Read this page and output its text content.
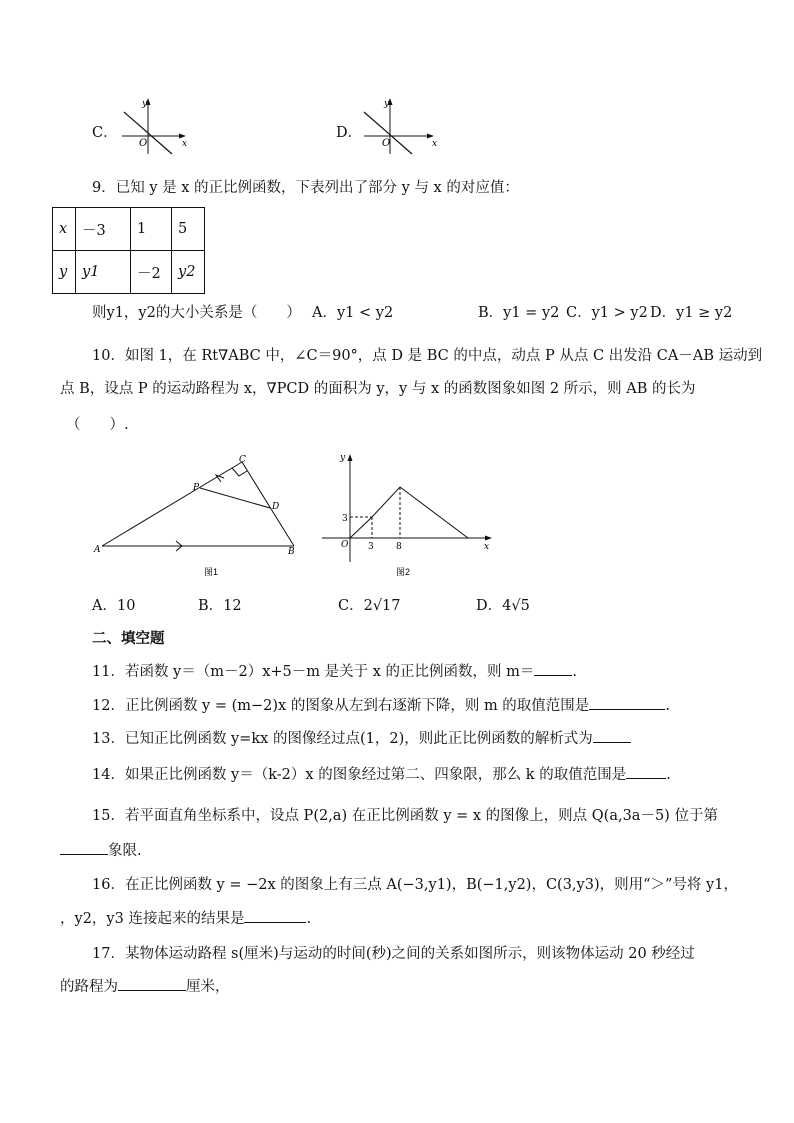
C．
y
O	x
D．
y
O	x
9．已知 y 是 x 的正比例函数，下表列出了部分 y 与 x 的对应值：
x	－3	1	5
y	y1	－2	y2
则y1，y2的大小关系是（　　） A．y1 < y2	B．y1 = y2 C．y1 > y2 D．y1 ≥ y2
10．如图 1，在 Rt∇ABC 中，∠C＝90°，点 D 是 BC 的中点，动点 P 从点 C 出发沿 CA－AB 运动到
点 B，设点 P 的运动路程为 x，∇PCD 的面积为 y，y 与 x 的函数图象如图 2 所示，则 AB 的长为
（　　）.
A	B
C
D
P
图1
y
x
O 3 8
3
图2
A．10	B．12	C．2√17	D．4√5
二、填空题
11．若函数 y＝（m－2）x+5－m 是关于 x 的正比例函数，则 m＝	.
12．正比例函数 y = (m−2)x 的图象从左到右逐渐下降，则 m 的取值范围是	.
13．已知正比例函数 y=kx 的图像经过点(1，2)，则此正比例函数的解析式为
14．如果正比例函数 y＝（k-2）x 的图象经过第二、四象限，那么 k 的取值范围是	.
15．若平面直角坐标系中，设点 P(2,a) 在正比例函数 y = x 的图像上，则点 Q(a,3a－5) 位于第
象限.
16．在正比例函数 y = −2x 的图象上有三点 A(−3,y1)，B(−1,y2)，C(3,y3)，则用“＞”号将 y1，
，y2，y3 连接起来的结果是	.
17．某物体运动路程 s(厘米)与运动的时间(秒)之间的关系如图所示，则该物体运动 20 秒经过
的路程为	厘米，
